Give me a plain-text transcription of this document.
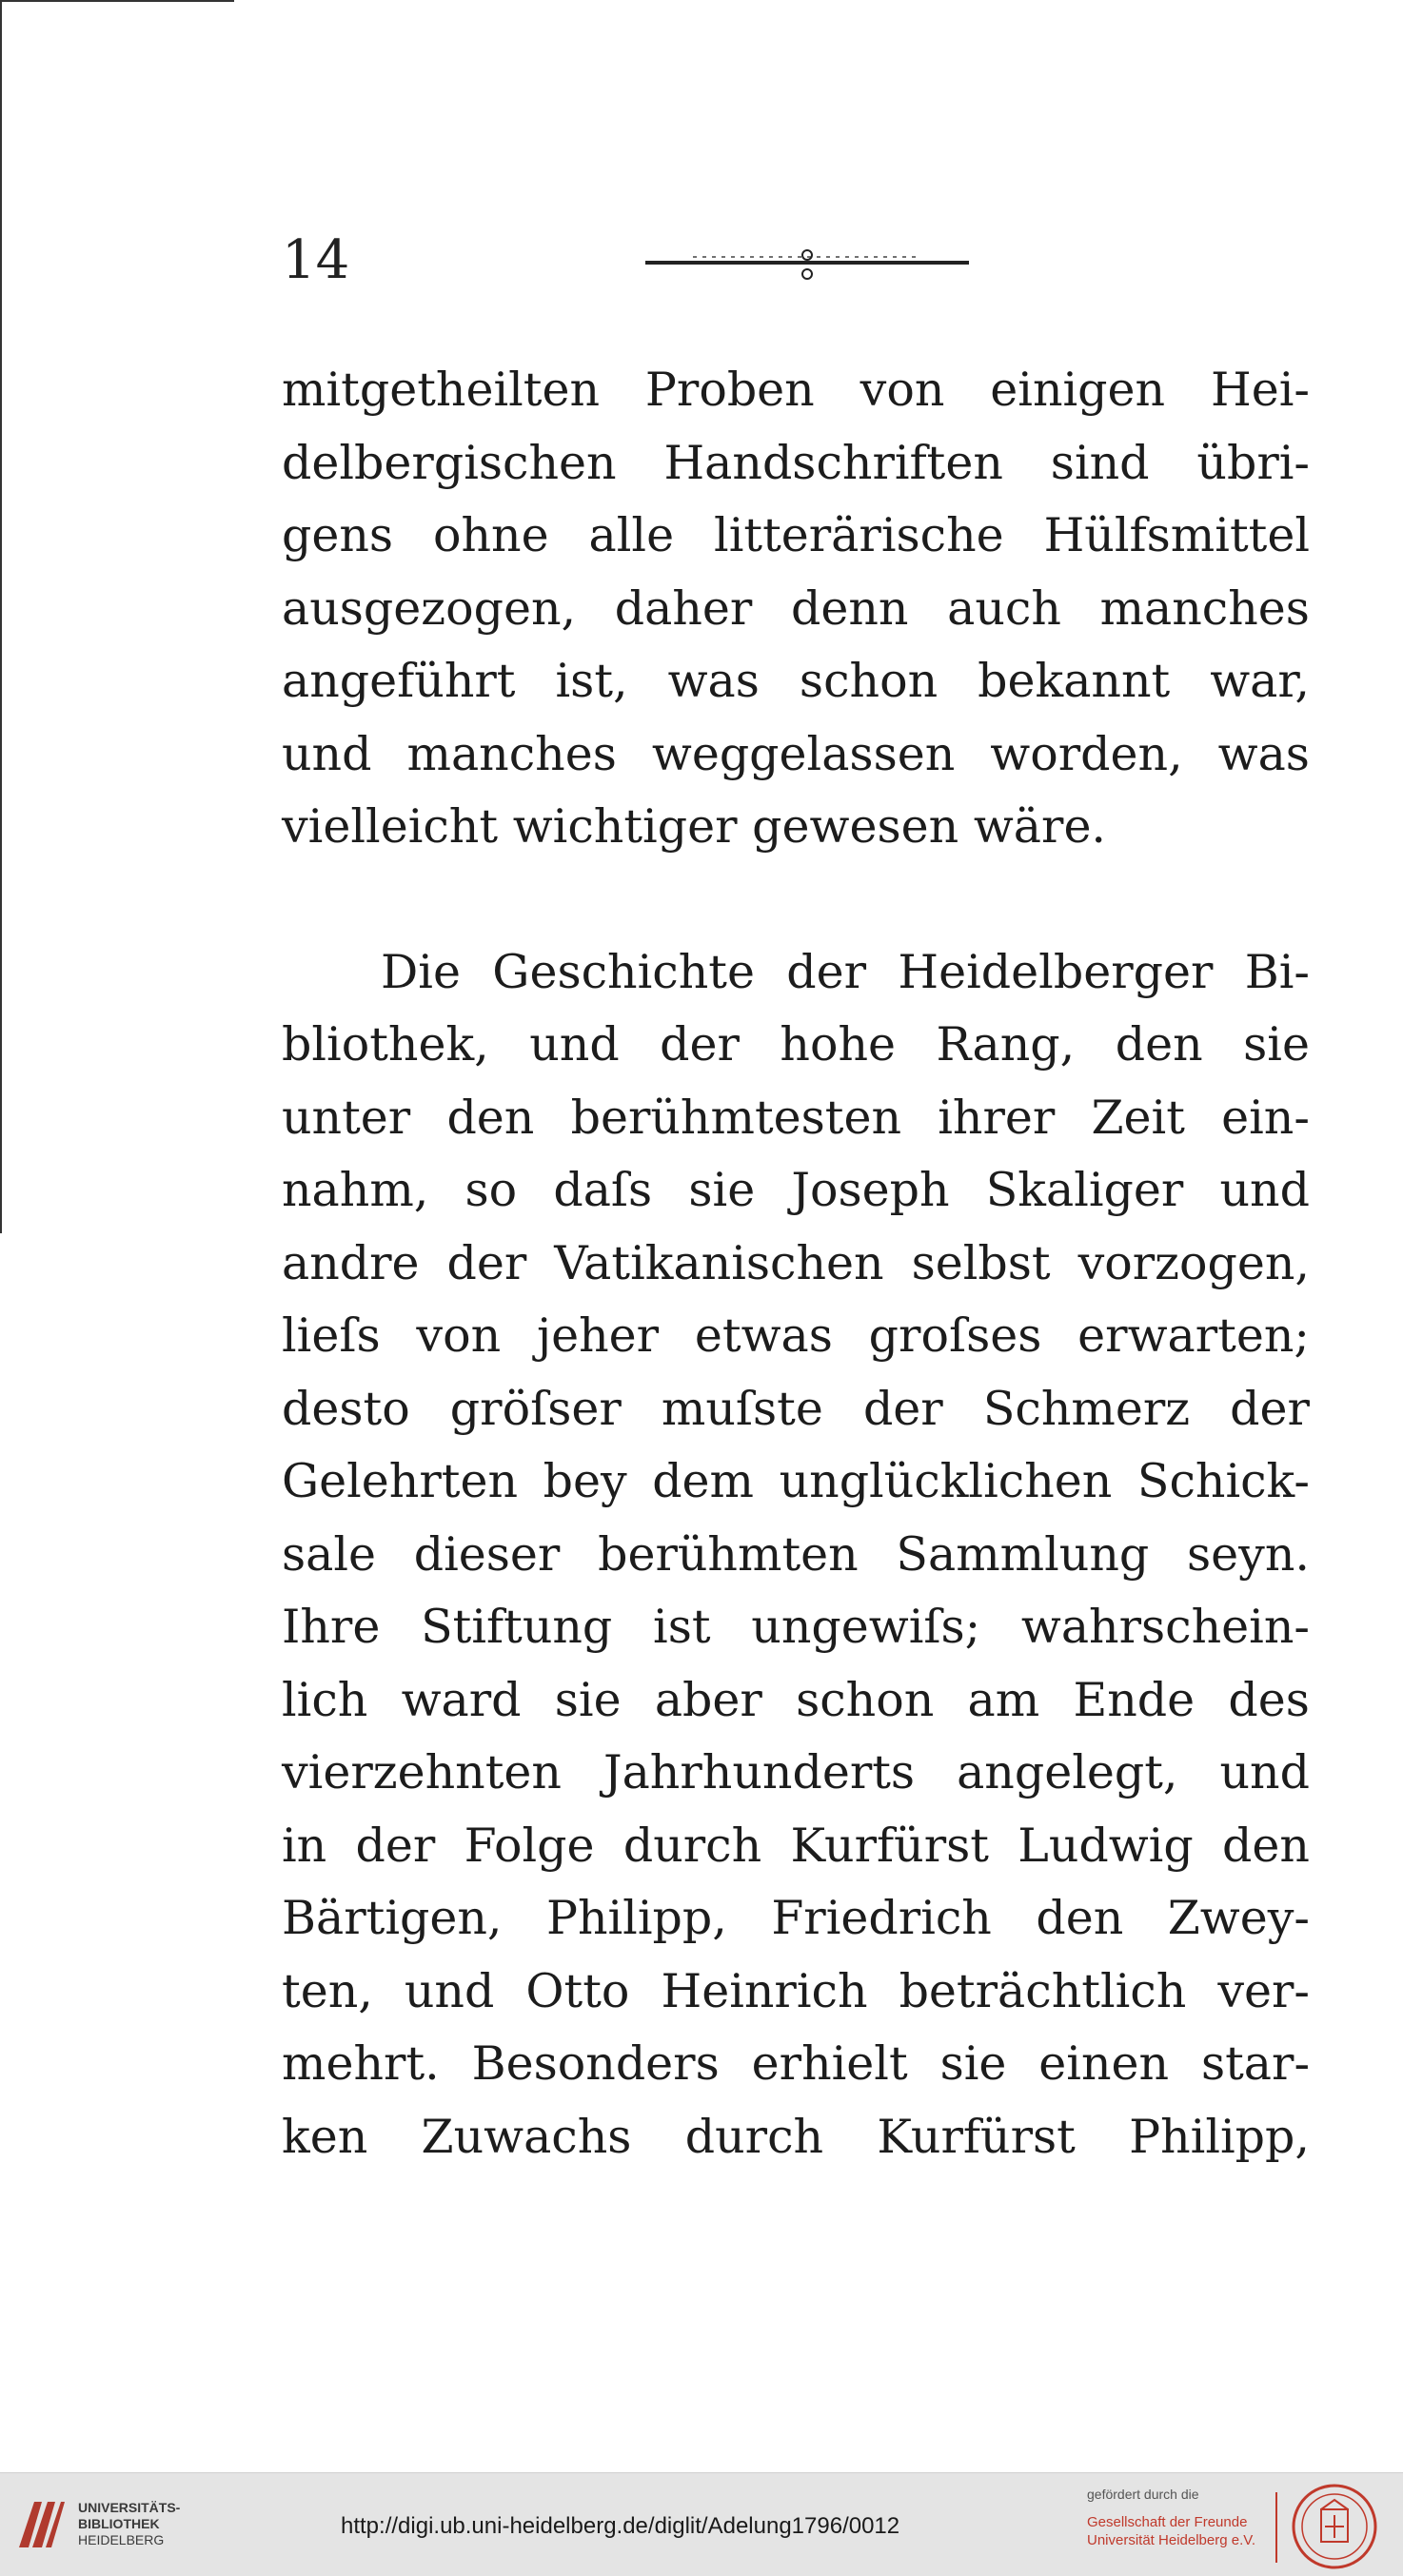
14
mitgetheilten Proben von einigen Hei-
delbergischen Handschriften sind übri-
gens ohne alle litterärische Hülfsmittel
ausgezogen, daher denn auch manches
angeführt ist, was schon bekannt war,
und manches weggelassen worden, was
vielleicht wichtiger gewesen wäre.
Die Geschichte der Heidelberger Bi-
bliothek, und der hohe Rang, den sie
unter den berühmtesten ihrer Zeit ein-
nahm, so daſs sie Joseph Skaliger und
andre der Vatikanischen selbst vorzogen,
lieſs von jeher etwas groſses erwarten;
desto gröſser muſste der Schmerz der
Gelehrten bey dem unglücklichen Schick-
sale dieser berühmten Sammlung seyn.
Ihre Stiftung ist ungewiſs; wahrschein-
lich ward sie aber schon am Ende des
vierzehnten Jahrhunderts angelegt, und
in der Folge durch Kurfürst Ludwig den
Bärtigen, Philipp, Friedrich den Zwey-
ten, und Otto Heinrich beträchtlich ver-
mehrt. Besonders erhielt sie einen star-
ken Zuwachs durch Kurfürst Philipp,
UNIVERSITÄTS-
BIBLIOTHEK
HEIDELBERG
http://digi.ub.uni-heidelberg.de/diglit/Adelung1796/0012
gefördert durch die
Gesellschaft der Freunde
Universität Heidelberg e.V.
